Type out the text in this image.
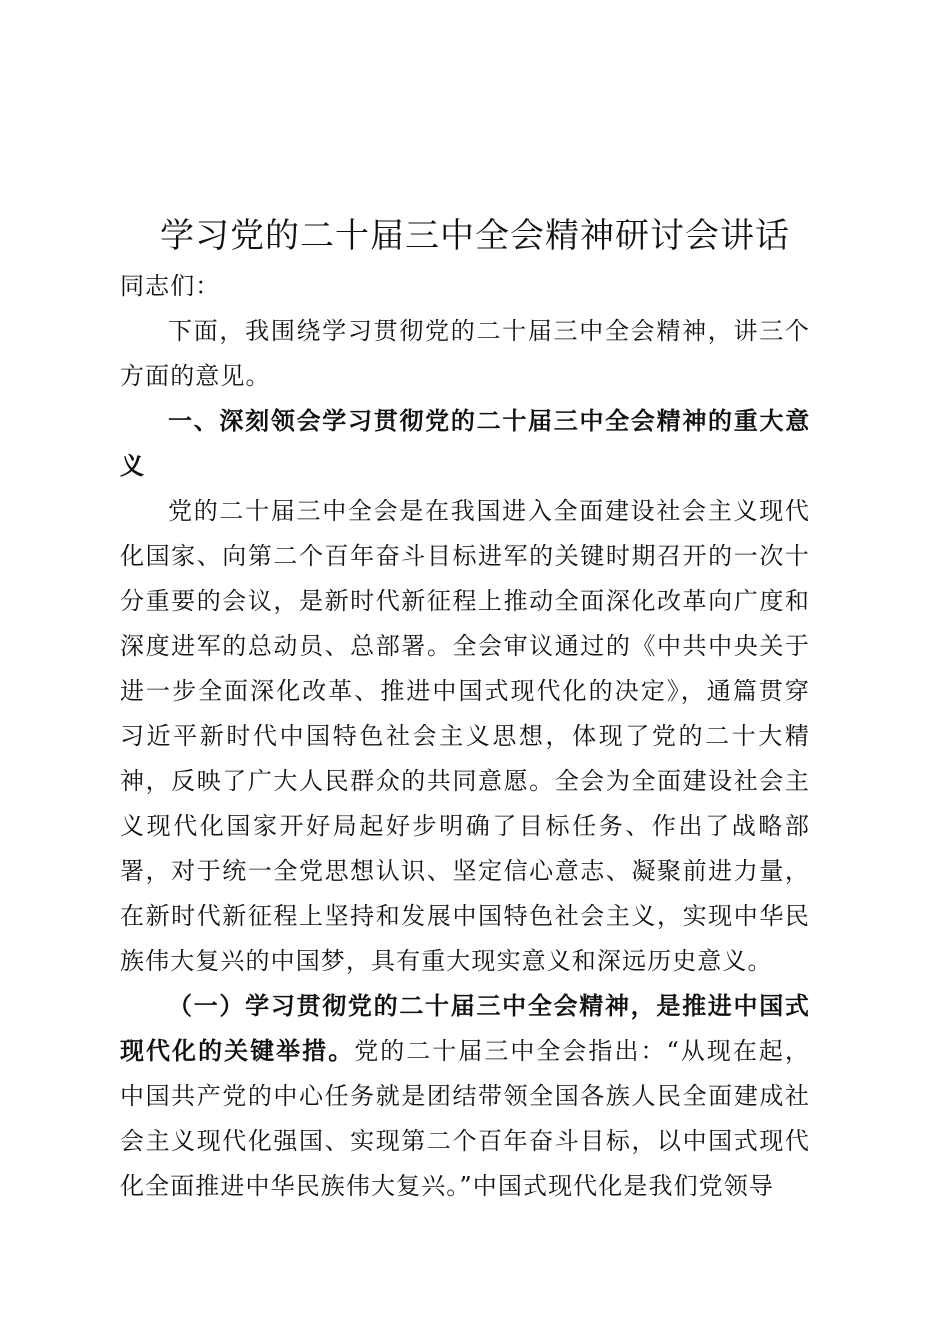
学习党的二十届三中全会精神研讨会讲话

同志们：

下面，我围绕学习贯彻党的二十届三中全会精神，讲三个方面的意见。

一、深刻领会学习贯彻党的二十届三中全会精神的重大意义

党的二十届三中全会是在我国进入全面建设社会主义现代化国家、向第二个百年奋斗目标进军的关键时期召开的一次十分重要的会议，是新时代新征程上推动全面深化改革向广度和深度进军的总动员、总部署。全会审议通过的《中共中央关于进一步全面深化改革、推进中国式现代化的决定》，通篇贯穿习近平新时代中国特色社会主义思想，体现了党的二十大精神，反映了广大人民群众的共同意愿。全会为全面建设社会主义现代化国家开好局起好步明确了目标任务、作出了战略部署，对于统一全党思想认识、坚定信心意志、凝聚前进力量，在新时代新征程上坚持和发展中国特色社会主义，实现中华民族伟大复兴的中国梦，具有重大现实意义和深远历史意义。

（一）学习贯彻党的二十届三中全会精神，是推进中国式现代化的关键举措。党的二十届三中全会指出：“从现在起，中国共产党的中心任务就是团结带领全国各族人民全面建成社会主义现代化强国、实现第二个百年奋斗目标，以中国式现代化全面推进中华民族伟大复兴。”中国式现代化是我们党领导
